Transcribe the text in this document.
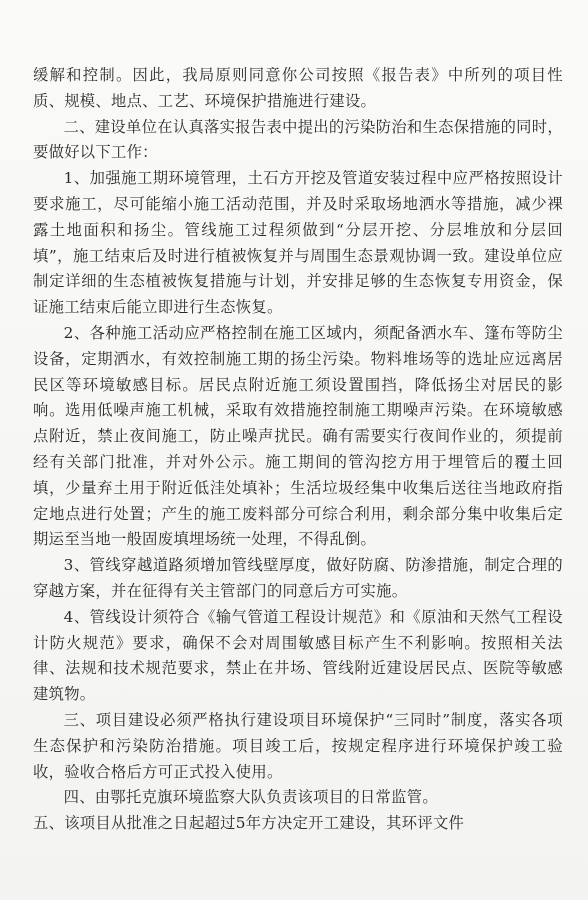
缓解和控制。因此，我局原则同意你公司按照《报告表》中所列的项目性质、规模、地点、工艺、环境保护措施进行建设。

二、建设单位在认真落实报告表中提出的污染防治和生态保措施的同时，要做好以下工作：

1、加强施工期环境管理，土石方开挖及管道安装过程中应严格按照设计要求施工，尽可能缩小施工活动范围，并及时采取场地洒水等措施，减少裸露土地面积和扬尘。管线施工过程须做到“分层开挖、分层堆放和分层回填”，施工结束后及时进行植被恢复并与周围生态景观协调一致。建设单位应制定详细的生态植被恢复措施与计划，并安排足够的生态恢复专用资金，保证施工结束后能立即进行生态恢复。

2、各种施工活动应严格控制在施工区域内，须配备洒水车、篷布等防尘设备，定期洒水，有效控制施工期的扬尘污染。物料堆场等的选址应远离居民区等环境敏感目标。居民点附近施工须设置围挡，降低扬尘对居民的影响。选用低噪声施工机械，采取有效措施控制施工期噪声污染。在环境敏感点附近，禁止夜间施工，防止噪声扰民。确有需要实行夜间作业的，须提前经有关部门批准，并对外公示。施工期间的管沟挖方用于埋管后的覆土回填，少量弃土用于附近低洼处填补；生活垃圾经集中收集后送往当地政府指定地点进行处置；产生的施工废料部分可综合利用，剩余部分集中收集后定期运至当地一般固废填埋场统一处理，不得乱倒。

3、管线穿越道路须增加管线壁厚度，做好防腐、防渗措施，制定合理的穿越方案，并在征得有关主管部门的同意后方可实施。

4、管线设计须符合《输气管道工程设计规范》和《原油和天然气工程设计防火规范》要求，确保不会对周围敏感目标产生不利影响。按照相关法律、法规和技术规范要求，禁止在井场、管线附近建设居民点、医院等敏感建筑物。

三、项目建设必须严格执行建设项目环境保护“三同时”制度，落实各项生态保护和污染防治措施。项目竣工后，按规定程序进行环境保护竣工验收，验收合格后方可正式投入使用。

四、由鄂托克旗环境监察大队负责该项目的日常监管。

五、该项目从批准之日起超过5年方决定开工建设，其环评文件
